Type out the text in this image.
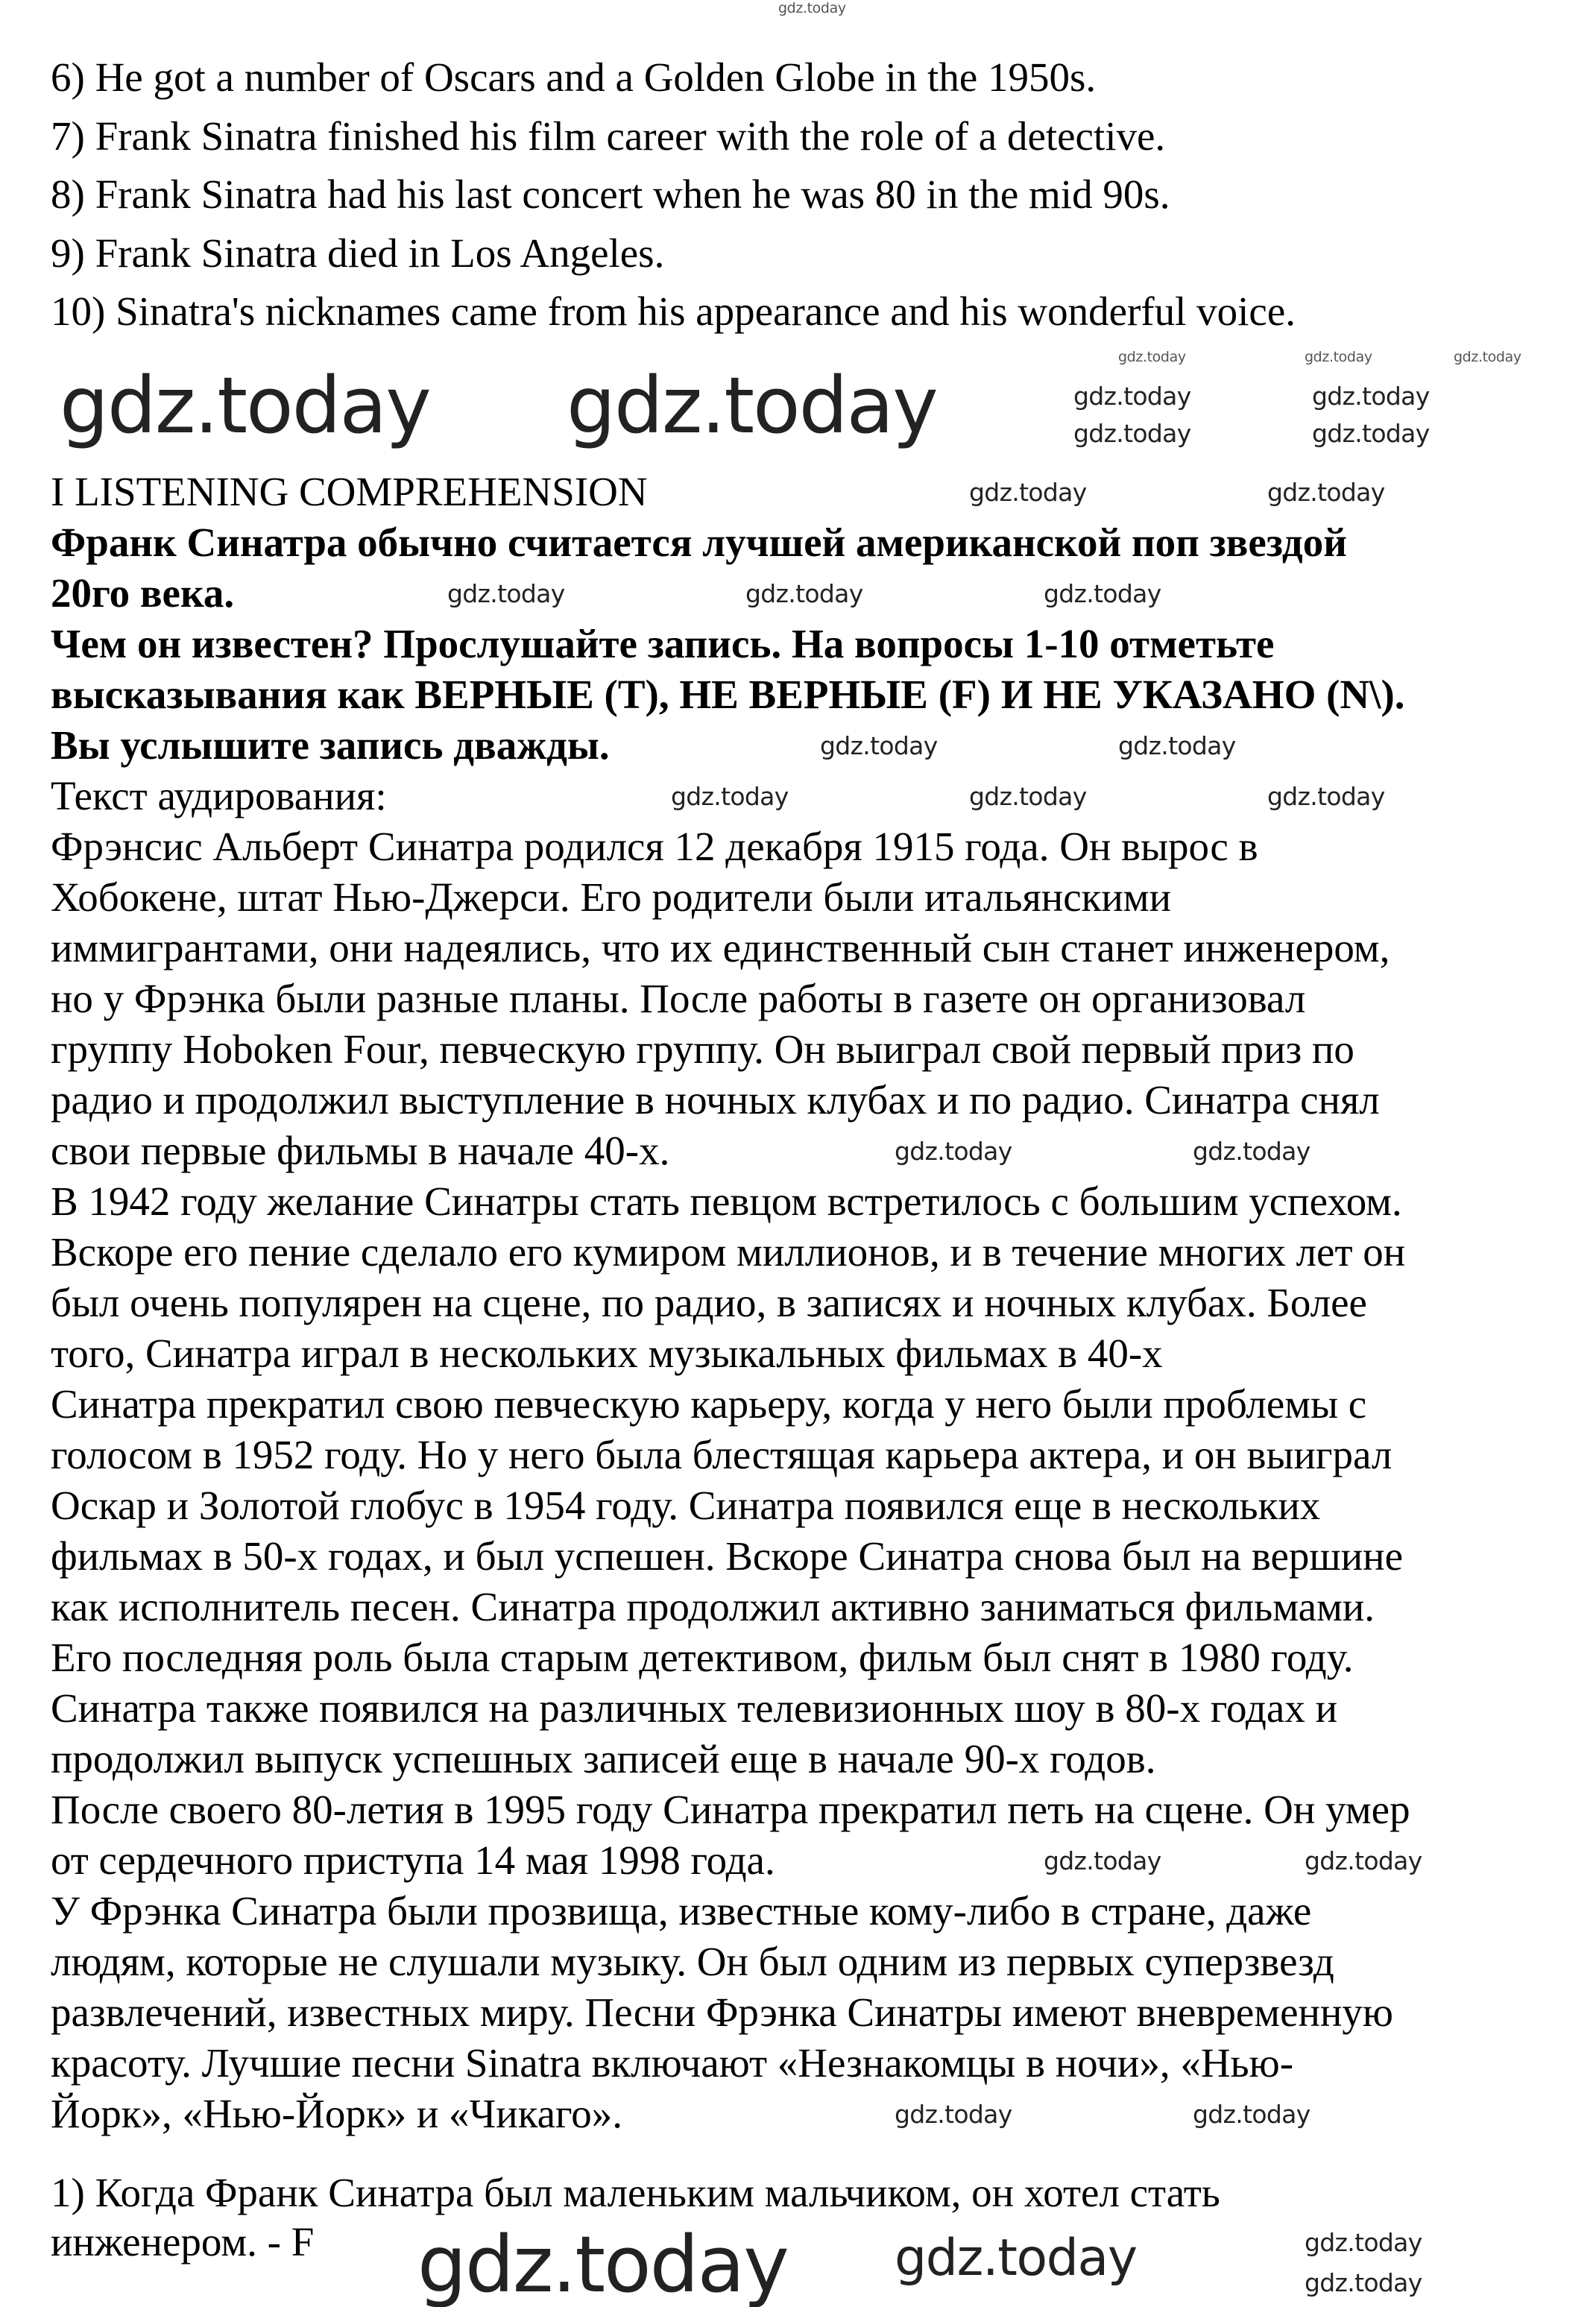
6) He got a number of Oscars and a Golden Globe in the 1950s.
7) Frank Sinatra finished his film career with the role of a detective.
8) Frank Sinatra had his last concert when he was 80 in the mid 90s.
9) Frank Sinatra died in Los Angeles.
10) Sinatra's nicknames came from his appearance and his wonderful voice.
I LISTENING COMPREHENSION
Франк Синатра обычно считается лучшей американской поп звездой
20го века.
Чем он известен? Прослушайте запись. На вопросы 1-10 отметьте
высказывания как ВЕРНЫЕ (T), НЕ ВЕРНЫЕ (F) И НЕ УКАЗАНО (N\).
Вы услышите запись дважды.
Текст аудирования:
Фрэнсис Альберт Синатра родился 12 декабря 1915 года. Он вырос в
Хобокене, штат Нью-Джерси. Его родители были итальянскими
иммигрантами, они надеялись, что их единственный сын станет инженером,
но у Фрэнка были разные планы. После работы в газете он организовал
группу Hoboken Four, певческую группу. Он выиграл свой первый приз по
радио и продолжил выступление в ночных клубах и по радио. Синатра снял
свои первые фильмы в начале 40-х.
В 1942 году желание Синатры стать певцом встретилось с большим успехом.
Вскоре его пение сделало его кумиром миллионов, и в течение многих лет он
был очень популярен на сцене, по радио, в записях и ночных клубах. Более
того, Синатра играл в нескольких музыкальных фильмах в 40-х
Синатра прекратил свою певческую карьеру, когда у него были проблемы с
голосом в 1952 году. Но у него была блестящая карьера актера, и он выиграл
Оскар и Золотой глобус в 1954 году. Синатра появился еще в нескольких
фильмах в 50-х годах, и был успешен. Вскоре Синатра снова был на вершине
как исполнитель песен. Синатра продолжил активно заниматься фильмами.
Его последняя роль была старым детективом, фильм был снят в 1980 году.
Синатра также появился на различных телевизионных шоу в 80-х годах и
продолжил выпуск успешных записей еще в начале 90-х годов.
После своего 80-летия в 1995 году Синатра прекратил петь на сцене. Он умер
от сердечного приступа 14 мая 1998 года.
У Фрэнка Синатра были прозвища, известные кому-либо в стране, даже
людям, которые не слушали музыку. Он был одним из первых суперзвезд
развлечений, известных миру. Песни Фрэнка Синатры имеют вневременную
красоту. Лучшие песни Sinatra включают «Незнакомцы в ночи», «Нью-
Йорк», «Нью-Йорк» и «Чикаго».
1) Когда Франк Синатра был маленьким мальчиком, он хотел стать
инженером. - F
gdz.today
gdz.today	gdz.today	gdz.today
gdz.today gdz.today	gdz.today	gdz.today
gdz.today	gdz.today
gdz.today	gdz.today
gdz.today	gdz.today	gdz.today
gdz.today	gdz.today
gdz.today	gdz.today	gdz.today
gdz.today	gdz.today
gdz.today	gdz.today
gdz.today	gdz.today
gdz.today gdz.today	gdz.today
gdz.today
